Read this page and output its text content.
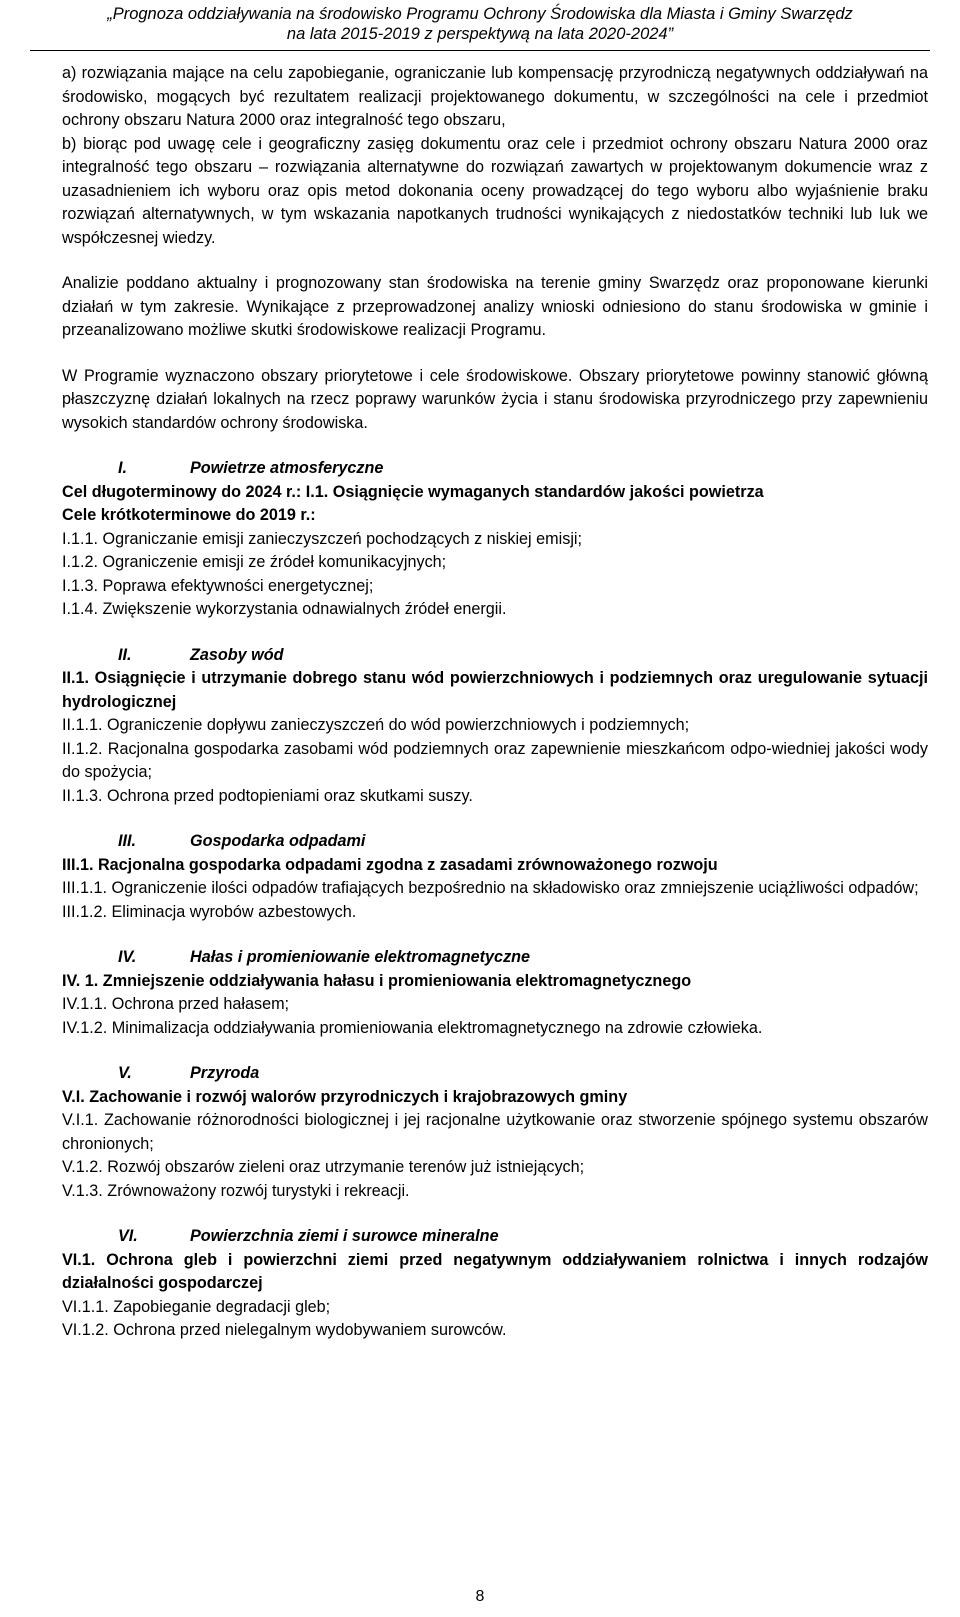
„Prognoza oddziaływania na środowisko Programu Ochrony Środowiska dla Miasta i Gminy Swarzędz
na lata 2015-2019 z perspektywą na lata 2020-2024”

a) rozwiązania mające na celu zapobieganie, ograniczanie lub kompensację przyrodniczą negatywnych oddziaływań na środowisko, mogących być rezultatem realizacji projektowanego dokumentu, w szczególności na cele i przedmiot ochrony obszaru Natura 2000 oraz integralność tego obszaru,

b) biorąc pod uwagę cele i geograficzny zasięg dokumentu oraz cele i przedmiot ochrony obszaru Natura 2000 oraz integralność tego obszaru – rozwiązania alternatywne do rozwiązań zawartych w projektowanym dokumencie wraz z uzasadnieniem ich wyboru oraz opis metod dokonania oceny prowadzącej do tego wyboru albo wyjaśnienie braku rozwiązań alternatywnych, w tym wskazania napotkanych trudności wynikających z niedostatków techniki lub luk we współczesnej wiedzy.

Analizie poddano aktualny i prognozowany stan środowiska na terenie gminy Swarzędz oraz proponowane kierunki działań w tym zakresie. Wynikające z przeprowadzonej analizy wnioski odniesiono do stanu środowiska w gminie i przeanalizowano możliwe skutki środowiskowe realizacji Programu.

W Programie wyznaczono obszary priorytetowe i cele środowiskowe. Obszary priorytetowe powinny stanowić główną płaszczyznę działań lokalnych na rzecz poprawy warunków życia i stanu środowiska przyrodniczego przy zapewnieniu wysokich standardów ochrony środowiska.

I.	Powietrze atmosferyczne

Cel długoterminowy do 2024 r.: I.1. Osiągnięcie wymaganych standardów jakości powietrza

Cele krótkoterminowe do 2019 r.:

I.1.1. Ograniczanie emisji zanieczyszczeń pochodzących z niskiej emisji;

I.1.2. Ograniczenie emisji ze źródeł komunikacyjnych;

I.1.3. Poprawa efektywności energetycznej;

I.1.4. Zwiększenie wykorzystania odnawialnych źródeł energii.

II.	Zasoby wód

II.1. Osiągnięcie i utrzymanie dobrego stanu wód powierzchniowych i podziemnych oraz uregulowanie sytuacji hydrologicznej

II.1.1. Ograniczenie dopływu zanieczyszczeń do wód powierzchniowych i podziemnych;

II.1.2. Racjonalna gospodarka zasobami wód podziemnych oraz zapewnienie mieszkańcom odpo-wiedniej jakości wody do spożycia;

II.1.3. Ochrona przed podtopieniami oraz skutkami suszy.

III.	Gospodarka odpadami

III.1. Racjonalna gospodarka odpadami zgodna z zasadami zrównoważonego rozwoju

III.1.1. Ograniczenie ilości odpadów trafiających bezpośrednio na składowisko oraz zmniejszenie uciążliwości odpadów;

III.1.2. Eliminacja wyrobów azbestowych.

IV.	Hałas i promieniowanie elektromagnetyczne

IV. 1. Zmniejszenie oddziaływania hałasu i promieniowania elektromagnetycznego

IV.1.1. Ochrona przed hałasem;

IV.1.2. Minimalizacja oddziaływania promieniowania elektromagnetycznego na zdrowie człowieka.

V.	Przyroda

V.I. Zachowanie i rozwój walorów przyrodniczych i krajobrazowych gminy

V.I.1. Zachowanie różnorodności biologicznej i jej racjonalne użytkowanie oraz stworzenie spójnego systemu obszarów chronionych;

V.1.2. Rozwój obszarów zieleni oraz utrzymanie terenów już istniejących;

V.1.3. Zrównoważony rozwój turystyki i rekreacji.

VI.	Powierzchnia ziemi i surowce mineralne

VI.1. Ochrona gleb i powierzchni ziemi przed negatywnym oddziaływaniem rolnictwa i innych rodzajów działalności gospodarczej

VI.1.1. Zapobieganie degradacji gleb;

VI.1.2. Ochrona przed nielegalnym wydobywaniem surowców.

8
